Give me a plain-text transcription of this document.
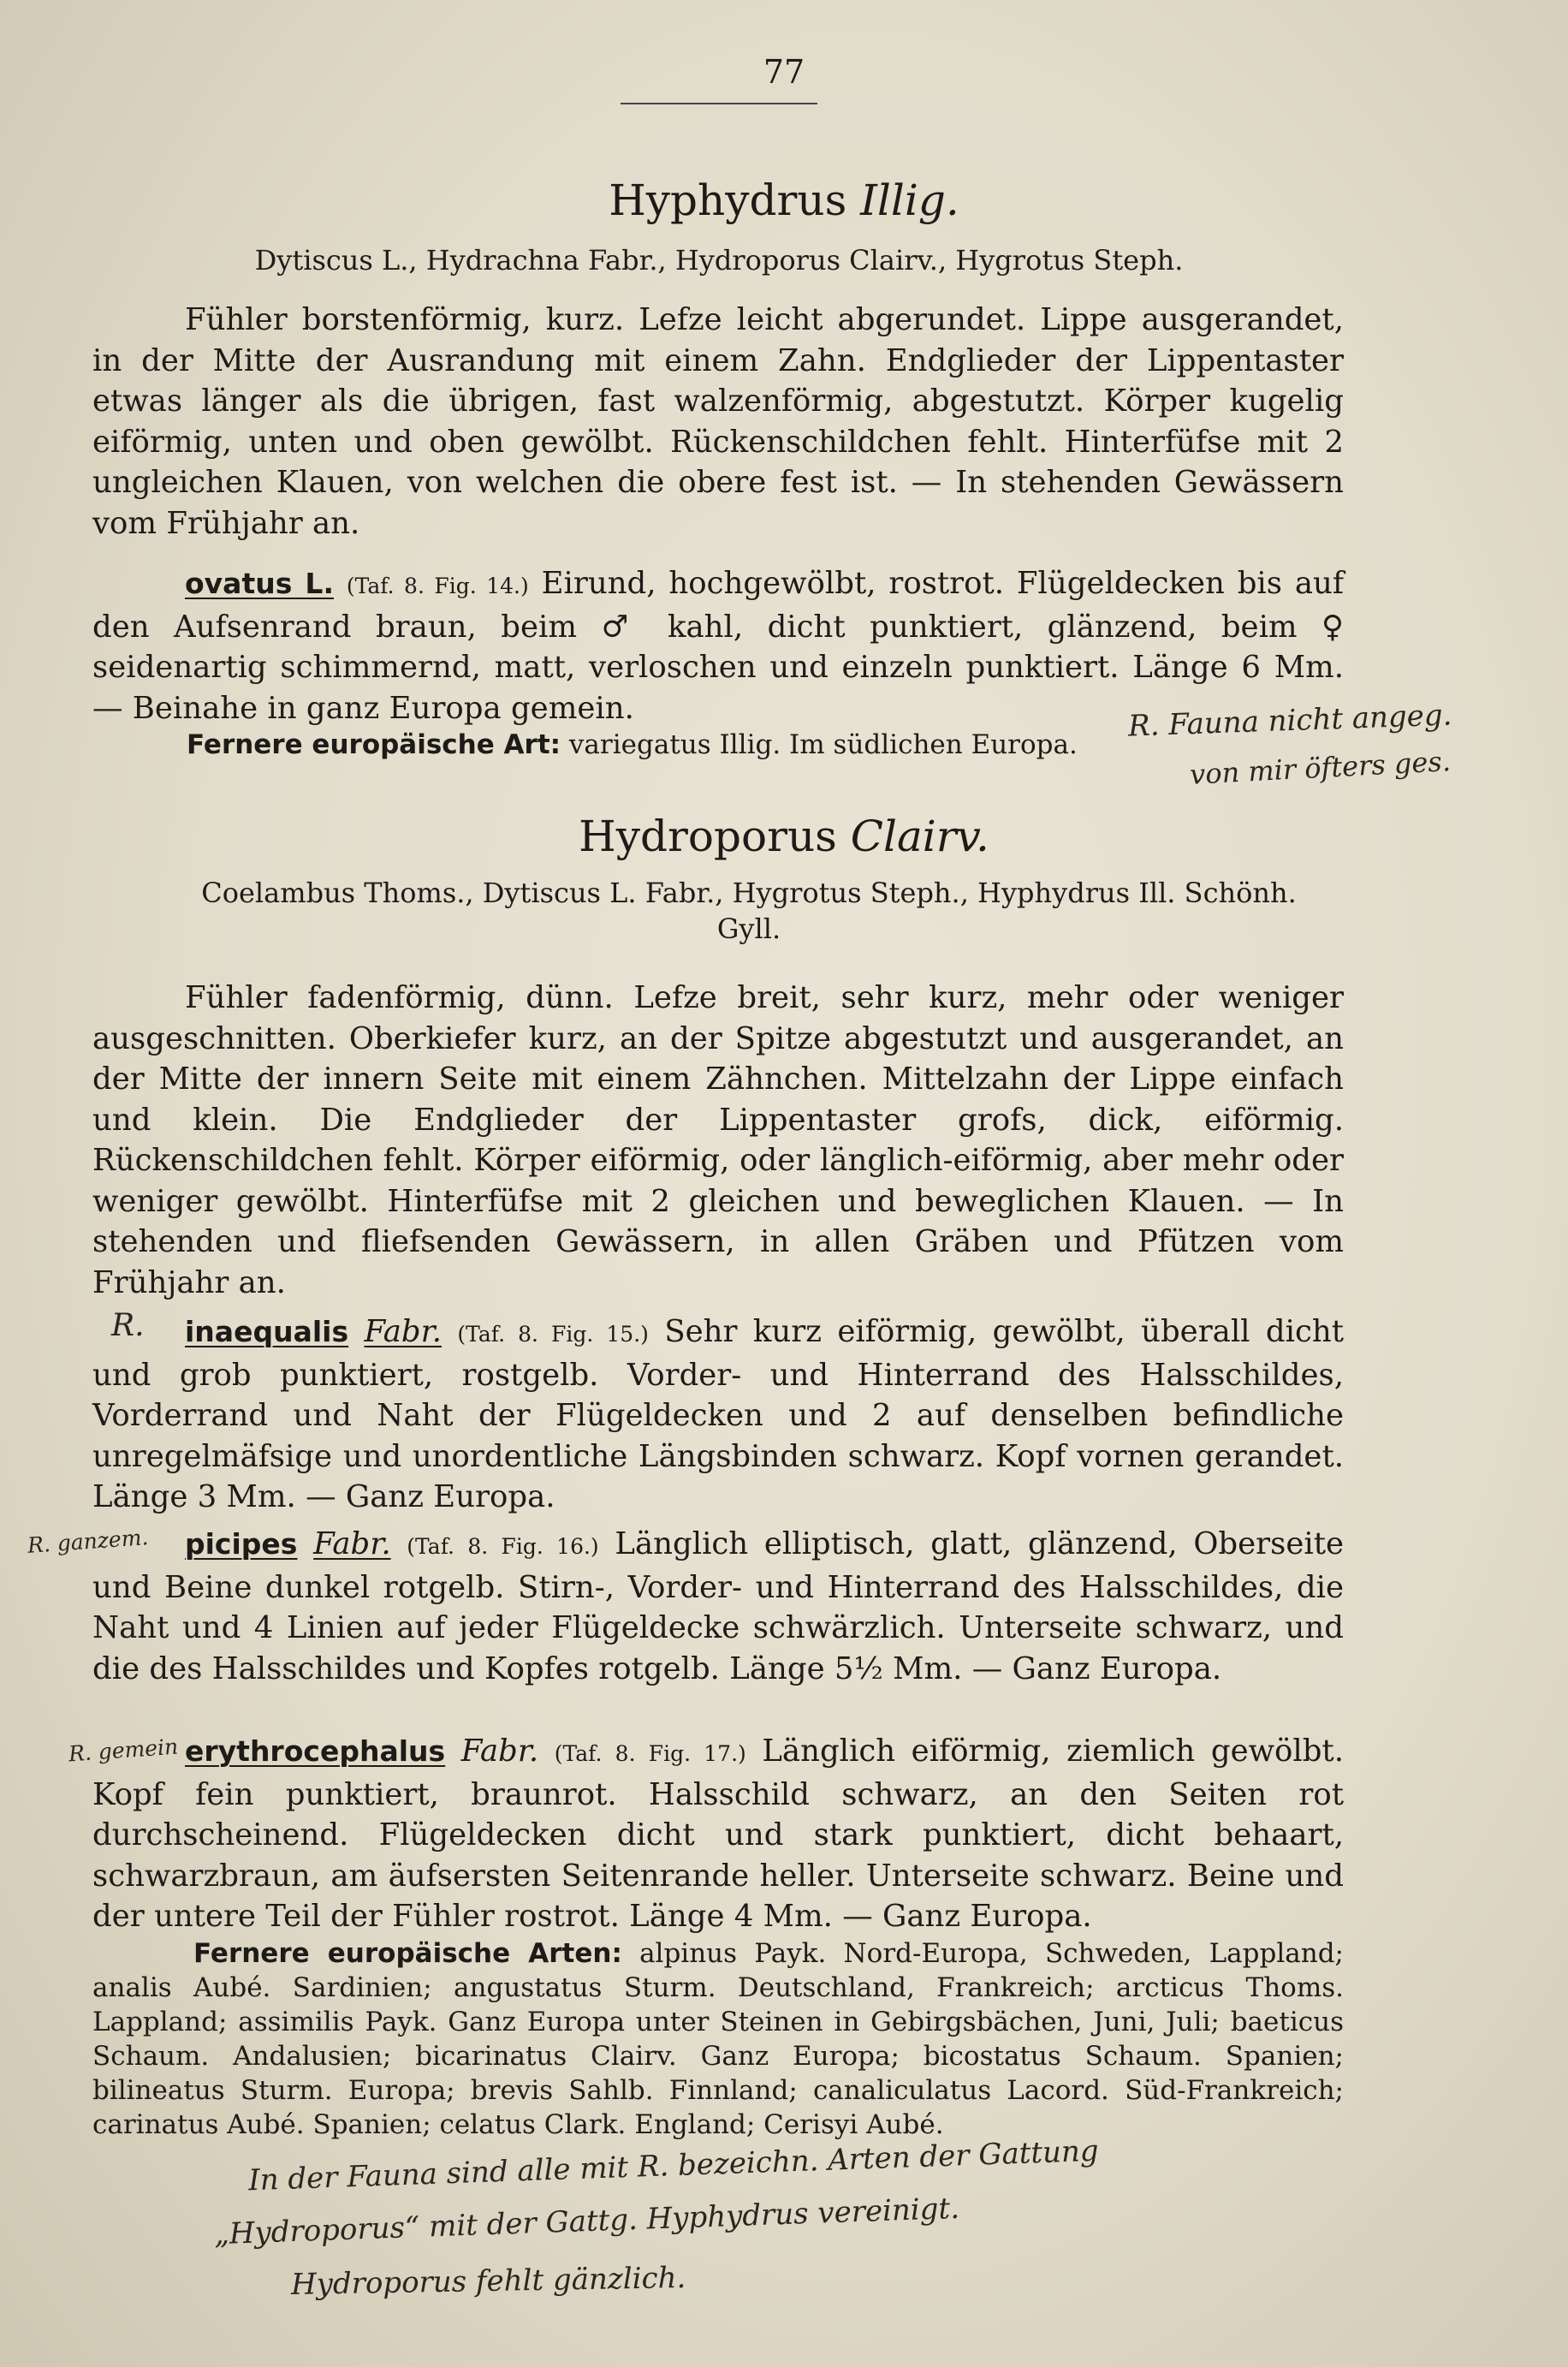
77
Hyphydrus Illig.
Dytiscus L., Hydrachna Fabr., Hydroporus Clairv., Hygrotus Steph.
Fühler borstenförmig, kurz. Lefze leicht abgerundet. Lippe ausgerandet, in der Mitte der Ausrandung mit einem Zahn. Endglieder der Lippentaster etwas länger als die übrigen, fast walzenförmig, abgestutzt. Körper kugelig eiförmig, unten und oben gewölbt. Rückenschildchen fehlt. Hinterfüfse mit 2 ungleichen Klauen, von welchen die obere fest ist. — In stehenden Gewässern vom Frühjahr an.
ovatus L. (Taf. 8. Fig. 14.) Eirund, hochgewölbt, rostrot. Flügeldecken bis auf den Aufsenrand braun, beim ♂ kahl, dicht punktiert, glänzend, beim ♀ seidenartig schimmernd, matt, verloschen und einzeln punktiert. Länge 6 Mm. — Beinahe in ganz Europa gemein.
Fernere europäische Art: variegatus Illig. Im südlichen Europa.
Hydroporus Clairv.
Coelambus Thoms., Dytiscus L. Fabr., Hygrotus Steph., Hyphydrus Ill. Schönh. Gyll.
Fühler fadenförmig, dünn. Lefze breit, sehr kurz, mehr oder weniger ausgeschnitten. Oberkiefer kurz, an der Spitze abgestutzt und ausgerandet, an der Mitte der innern Seite mit einem Zähnchen. Mittelzahn der Lippe einfach und klein. Die Endglieder der Lippentaster grofs, dick, eiförmig. Rückenschildchen fehlt. Körper eiförmig, oder länglich-eiförmig, aber mehr oder weniger gewölbt. Hinterfüfse mit 2 gleichen und beweglichen Klauen. — In stehenden und fliefsenden Gewässern, in allen Gräben und Pfützen vom Frühjahr an.
inaequalis Fabr. (Taf. 8. Fig. 15.) Sehr kurz eiförmig, gewölbt, überall dicht und grob punktiert, rostgelb. Vorder- und Hinterrand des Halsschildes, Vorderrand und Naht der Flügeldecken und 2 auf denselben befindliche unregelmäfsige und unordentliche Längsbinden schwarz. Kopf vornen gerandet. Länge 3 Mm. — Ganz Europa.
picipes Fabr. (Taf. 8. Fig. 16.) Länglich elliptisch, glatt, glänzend, Oberseite und Beine dunkel rotgelb. Stirn-, Vorder- und Hinterrand des Halsschildes, die Naht und 4 Linien auf jeder Flügeldecke schwärzlich. Unterseite schwarz, und die des Halsschildes und Kopfes rotgelb. Länge 5½ Mm. — Ganz Europa.
erythrocephalus Fabr. (Taf. 8. Fig. 17.) Länglich eiförmig, ziemlich gewölbt. Kopf fein punktiert, braunrot. Halsschild schwarz, an den Seiten rot durchscheinend. Flügeldecken dicht und stark punktiert, dicht behaart, schwarzbraun, am äufsersten Seitenrande heller. Unterseite schwarz. Beine und der untere Teil der Fühler rostrot. Länge 4 Mm. — Ganz Europa.
Fernere europäische Arten: alpinus Payk. Nord-Europa, Schweden, Lappland; analis Aubé. Sardinien; angustatus Sturm. Deutschland, Frankreich; arcticus Thoms. Lappland; assimilis Payk. Ganz Europa unter Steinen in Gebirgsbächen, Juni, Juli; baeticus Schaum. Andalusien; bicarinatus Clairv. Ganz Europa; bicostatus Schaum. Spanien; bilineatus Sturm. Europa; brevis Sahlb. Finnland; canaliculatus Lacord. Süd-Frankreich; carinatus Aubé. Spanien; celatus Clark. England; Cerisyi Aubé.
R. Fauna nicht angeg.
von mir öfters ges.
R.
R. ganzem.
R. gemein
In der Fauna sind alle mit R. bezeichn. Arten der Gattung
„Hydroporus“ mit der Gattg. Hyphydrus vereinigt.
Hydroporus fehlt gänzlich.
